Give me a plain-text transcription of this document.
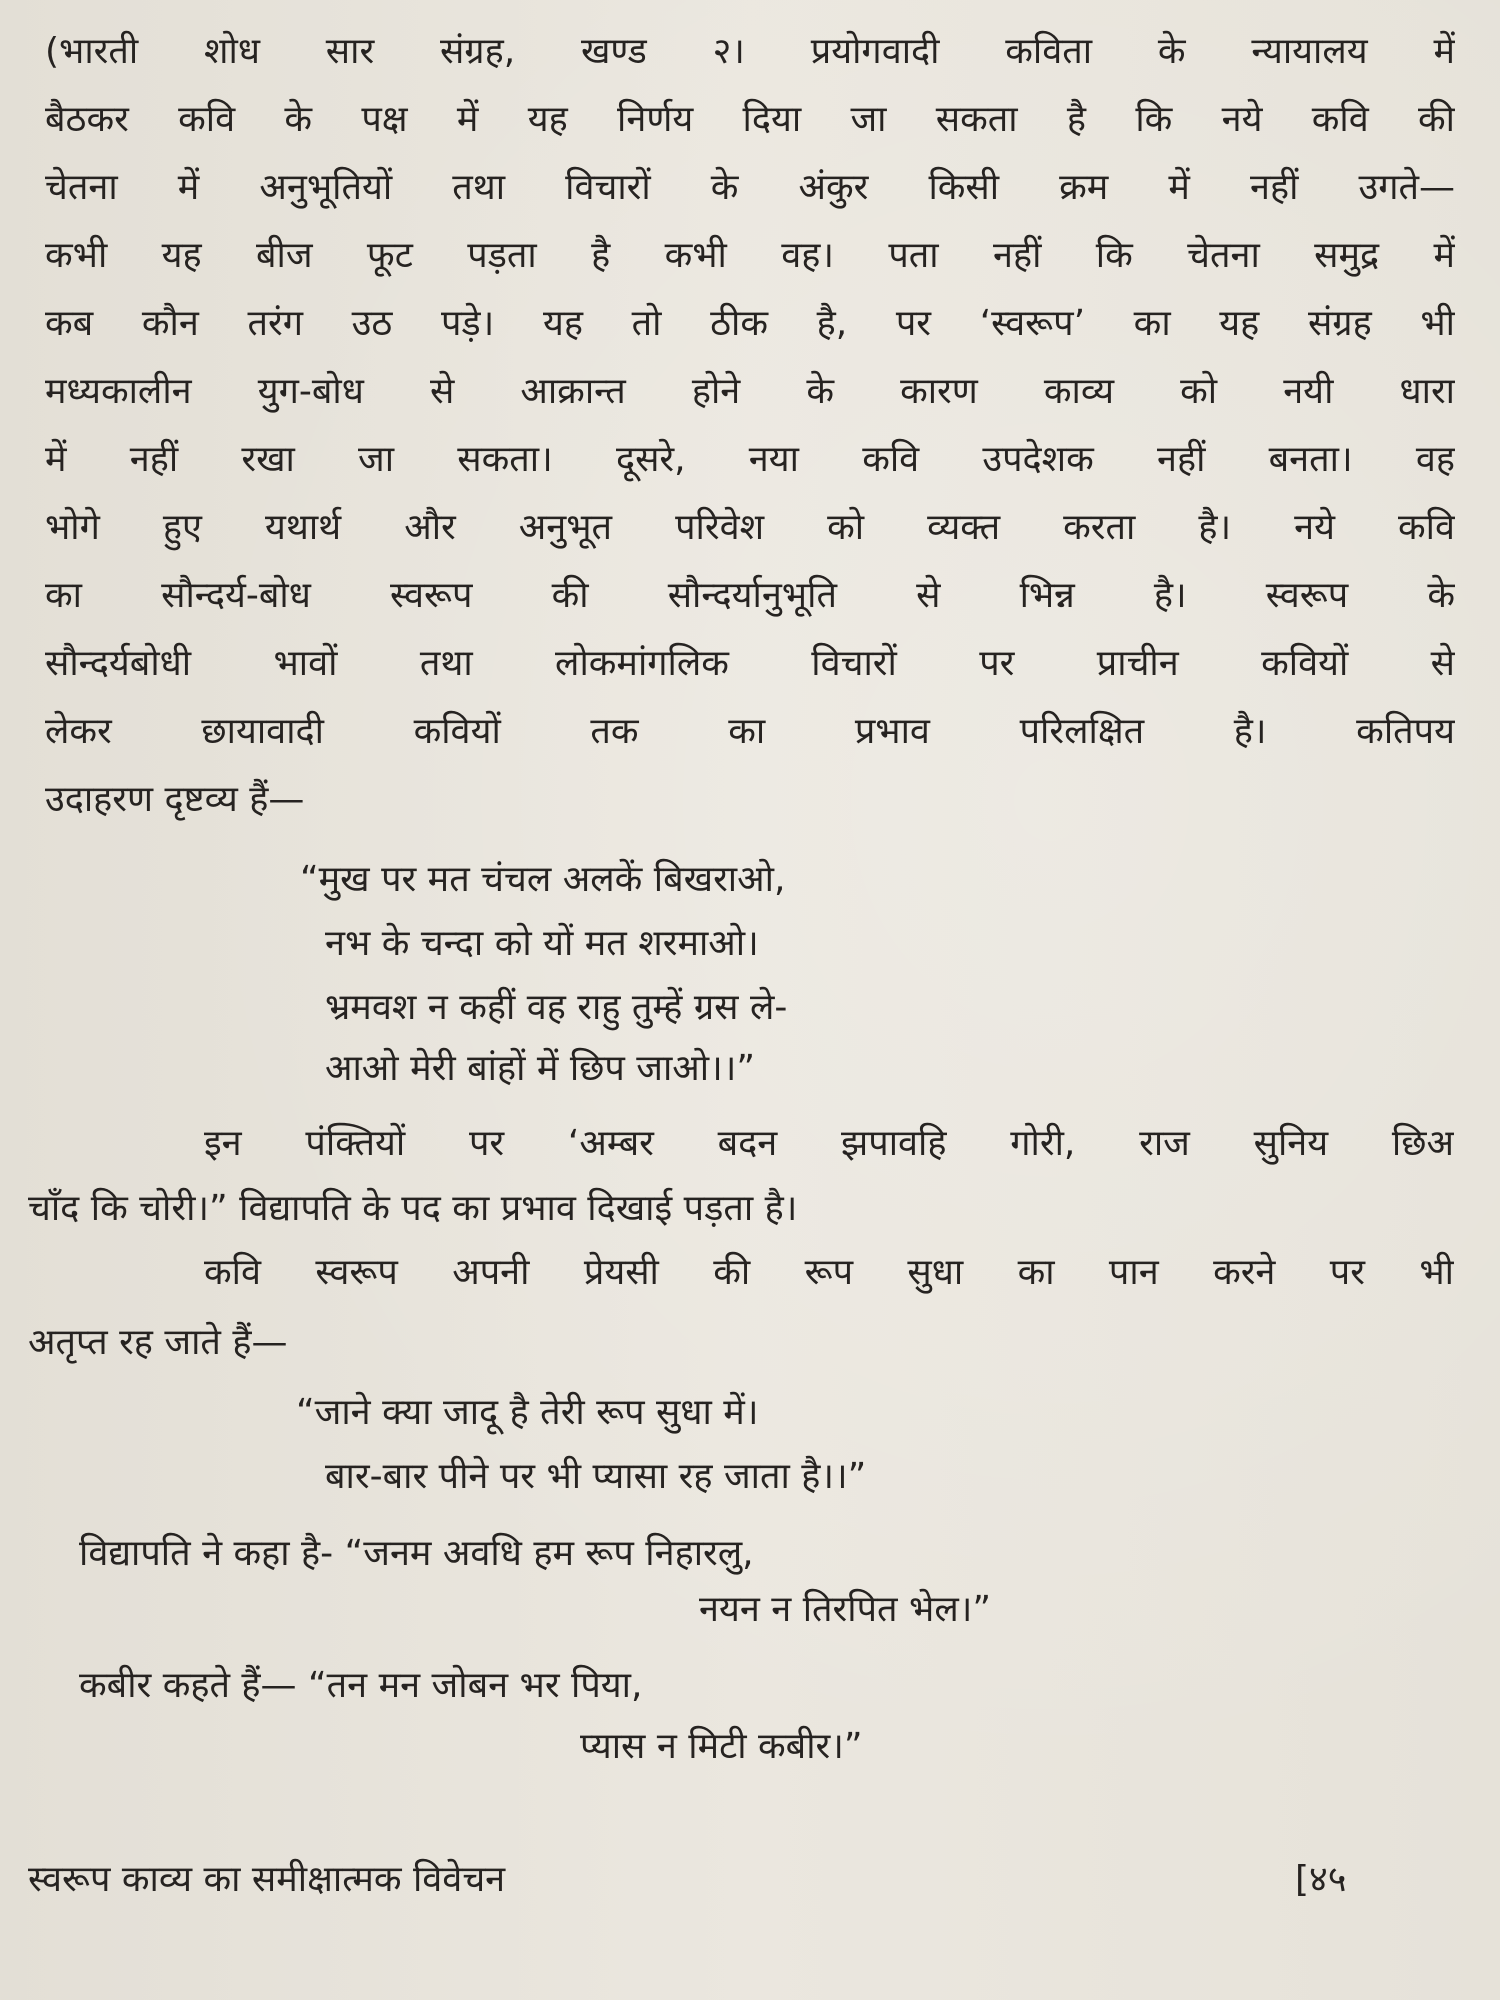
(भारती शोध सार संग्रह, खण्ड २। प्रयोगवादी कविता के न्यायालय में
बैठकर कवि के पक्ष में यह निर्णय दिया जा सकता है कि नये कवि की
चेतना में अनुभूतियों तथा विचारों के अंकुर किसी क्रम में नहीं उगते—
कभी यह बीज फूट पड़ता है कभी वह। पता नहीं कि चेतना समुद्र में
कब कौन तरंग उठ पड़े। यह तो ठीक है, पर ‘स्वरूप’ का यह संग्रह भी
मध्यकालीन युग-बोध से आक्रान्त होने के कारण काव्य को नयी धारा
में नहीं रखा जा सकता। दूसरे, नया कवि उपदेशक नहीं बनता। वह
भोगे हुए यथार्थ और अनुभूत परिवेश को व्यक्त करता है। नये कवि
का सौन्दर्य-बोध स्वरूप की सौन्दर्यानुभूति से भिन्न है। स्वरूप के
सौन्दर्यबोधी भावों तथा लोकमांगलिक विचारों पर प्राचीन कवियों से
लेकर छायावादी कवियों तक का प्रभाव परिलक्षित है। कतिपय
उदाहरण दृष्टव्य हैं—
“मुख पर मत चंचल अलकें बिखराओ,
नभ के चन्दा को यों मत शरमाओ।
भ्रमवश न कहीं वह राहु तुम्हें ग्रस ले-
आओ मेरी बांहों में छिप जाओ।।”
इन पंक्तियों पर ‘अम्बर बदन झपावहि गोरी, राज सुनिय छिअ
चाँद कि चोरी।” विद्यापति के पद का प्रभाव दिखाई पड़ता है।
कवि स्वरूप अपनी प्रेयसी की रूप सुधा का पान करने पर भी
अतृप्त रह जाते हैं—
“जाने क्या जादू है तेरी रूप सुधा में।
बार-बार पीने पर भी प्यासा रह जाता है।।”
विद्यापति ने कहा है- “जनम अवधि हम रूप निहारलु,
नयन न तिरपित भेल।”
कबीर कहते हैं— “तन मन जोबन भर पिया,
प्यास न मिटी कबीर।”
स्वरूप काव्य का समीक्षात्मक विवेचन	[४५
